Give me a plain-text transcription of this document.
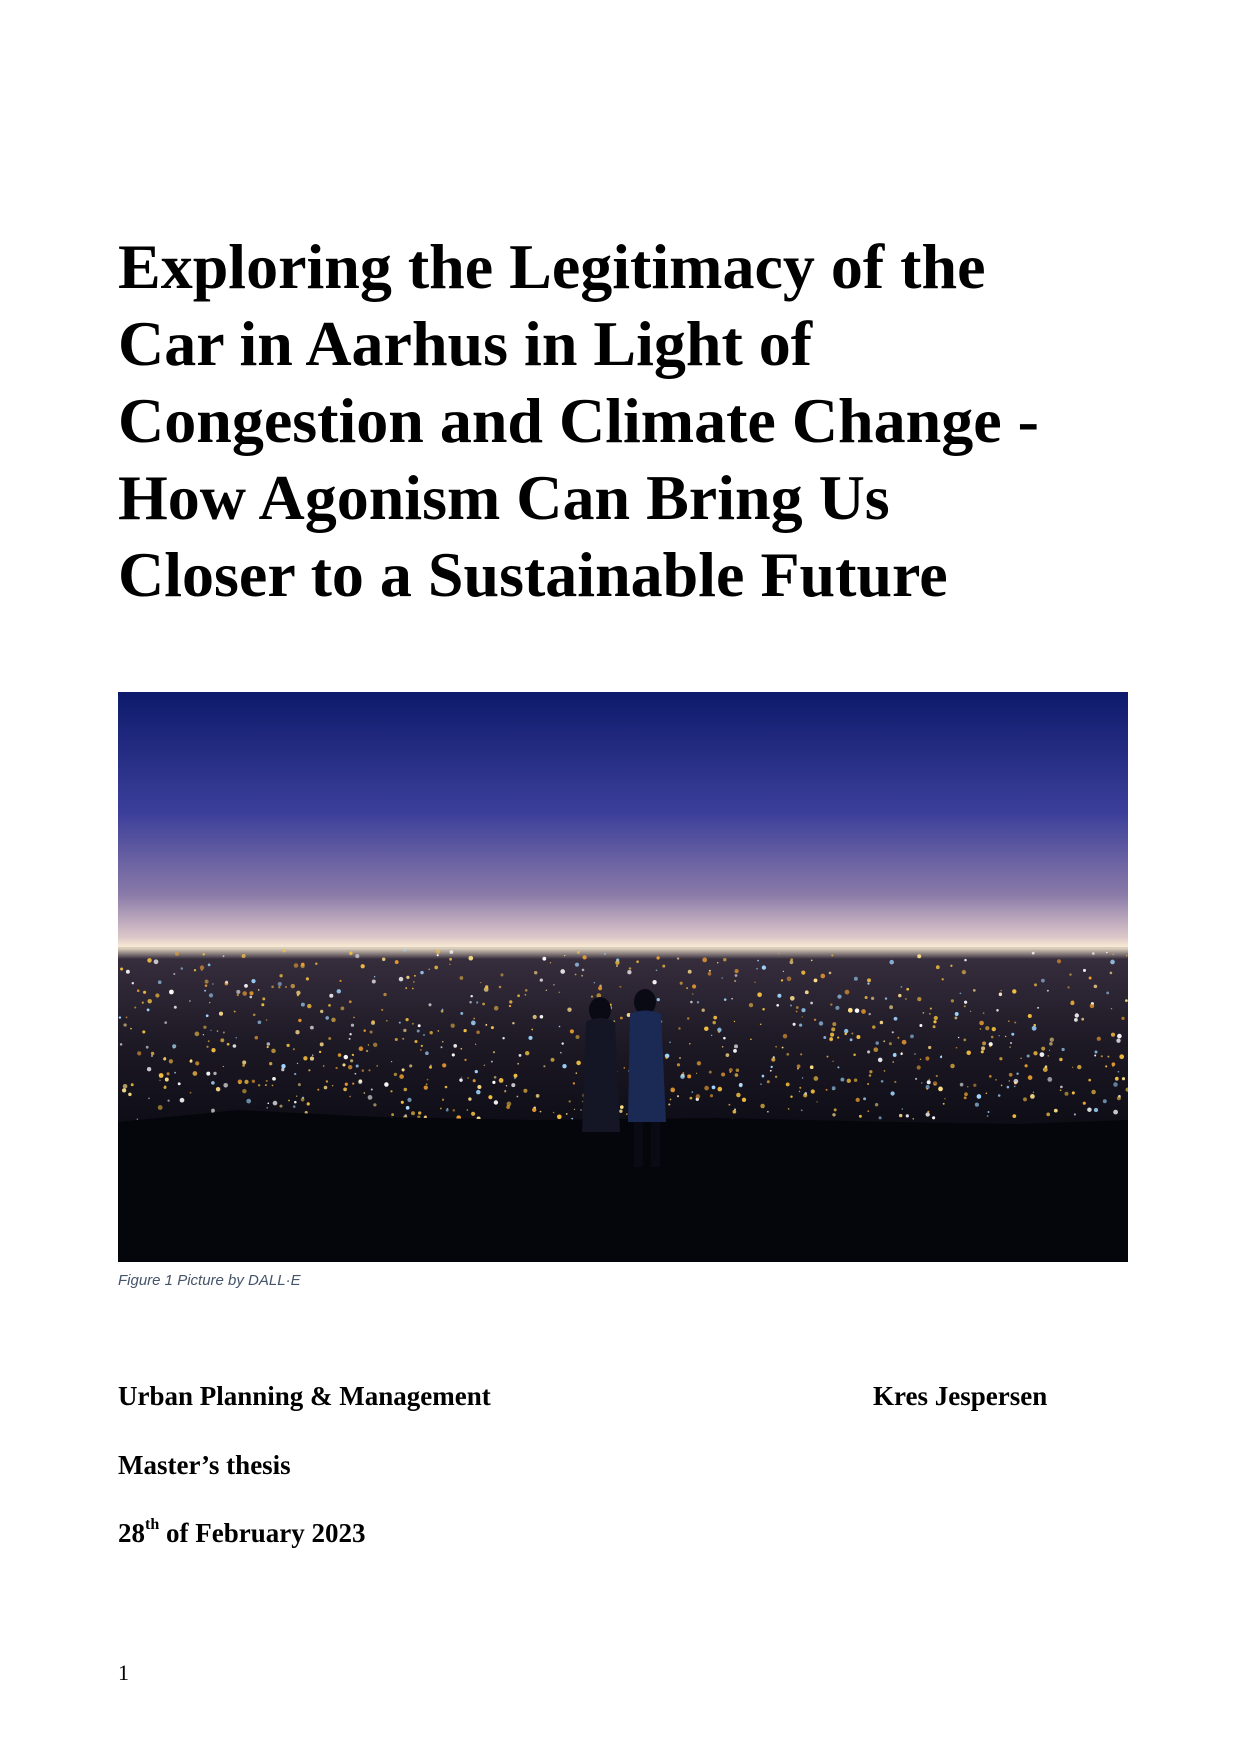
Exploring the Legitimacy of the
Car in Aarhus in Light of
Congestion and Climate Change -
How Agonism Can Bring Us
Closer to a Sustainable Future
Figure 1 Picture by DALL·E
Urban Planning & Management	Kres Jespersen
Master’s thesis
28th of February 2023
1
